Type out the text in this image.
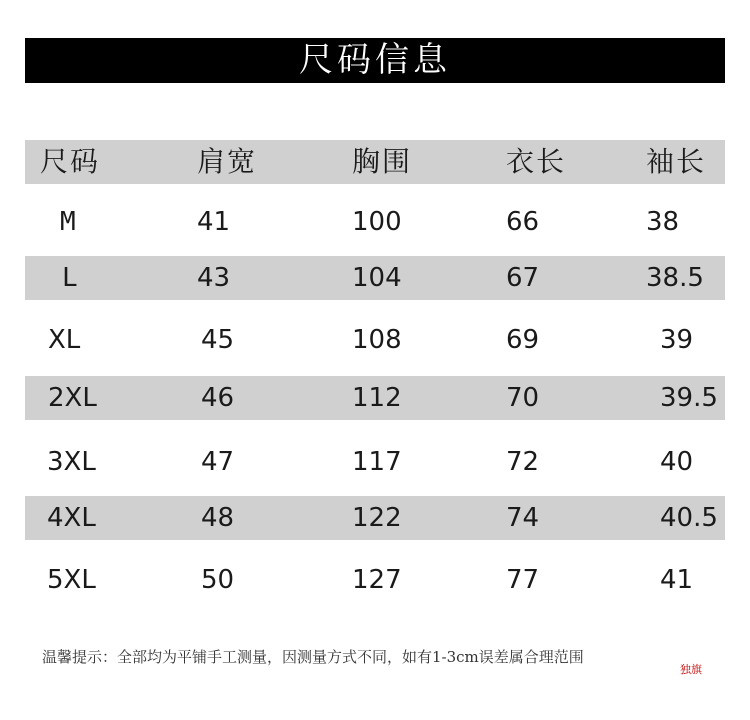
尺码信息
尺码	肩宽	胸围	衣长	袖长
M	41	100	66	38
L	43	104	67	38.5
XL	45	108	69	39
2XL	46	112	70	39.5
3XL	47	117	72	40
4XL	48	122	74	40.5
5XL	50	127	77	41
温馨提示：全部均为平铺手工测量，因测量方式不同，如有1-3cm误差属合理范围
独旗
